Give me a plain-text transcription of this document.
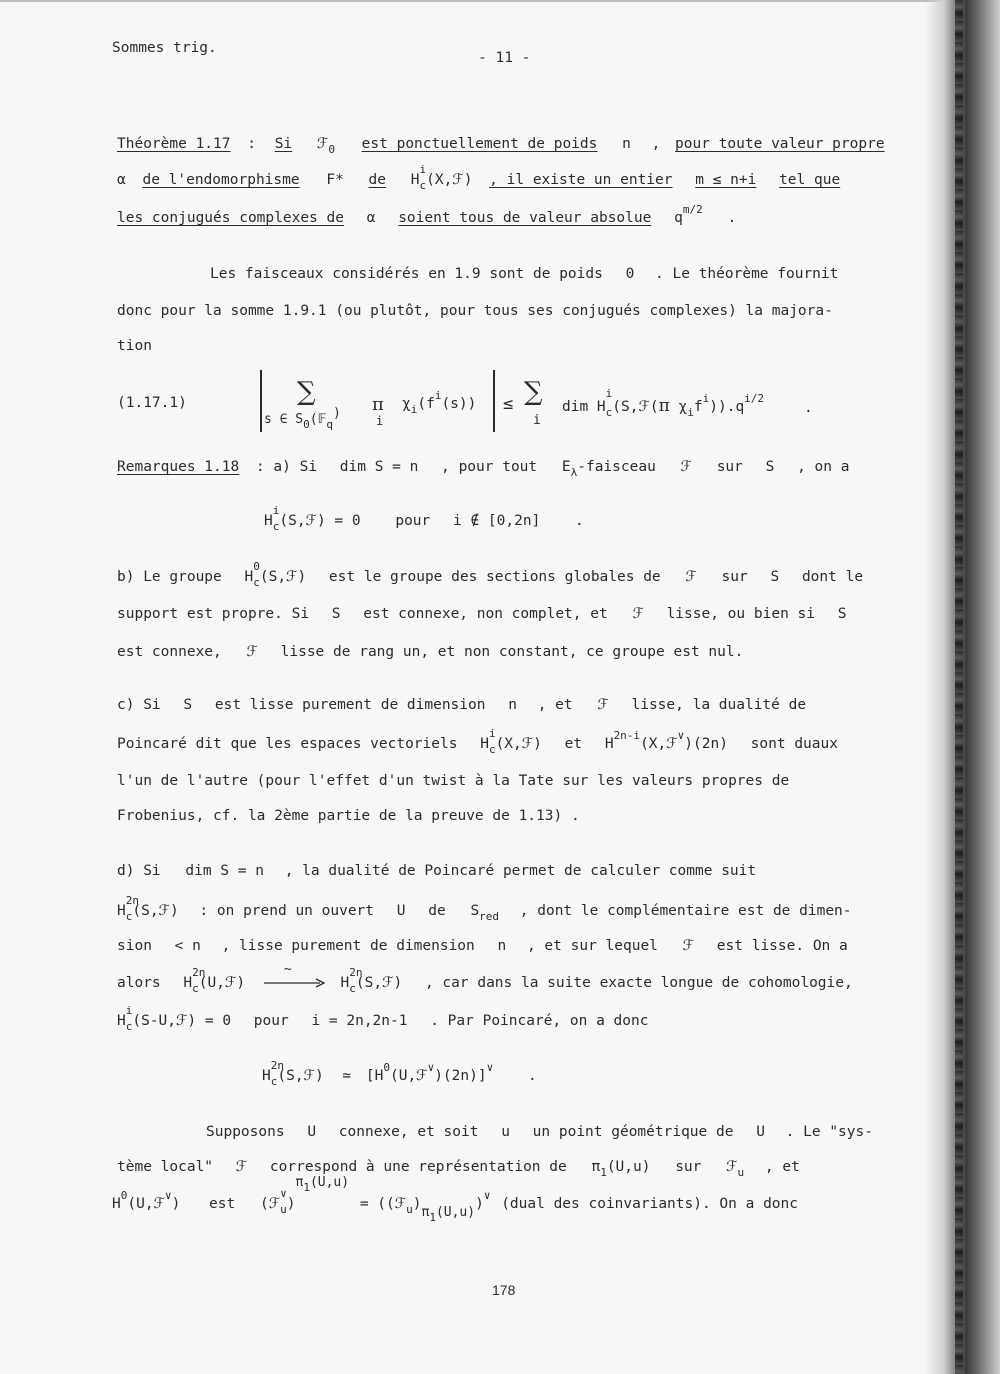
Sommes trig.
- 11 -
Théorème 1.17 : Si ℱ$_0$ est ponctuellement de poids n , pour toute valeur propre
α de l'endomorphisme F* de H
i
$_c$(X,ℱ) , il existe un entier m ≤ n+i tel que
les conjugués complexes de α soient tous de valeur absolue $q^{m/2}$ .
Les faisceaux considérés en 1.9 sont de poids 0 . Le théorème fournit
donc pour la somme 1.9.1 (ou plutôt, pour tous ses conjugués complexes) la majora-
tion
(1.17.1)	∑
s ∈ $S_0(𝔽_q)$ π
i
$\chi_i(f^i(s))$ ≤ ∑
i
dim H
i
$_c$(S,ℱ(π $\chi_if^i)).q^{i/2}$
.
Remarques 1.18 : a) Si dim S = n , pour tout $E_\lambda$-faisceau ℱ sur S , on a
H
i
$_c$(S,ℱ) = 0 pour i ∉ [0,2n] .
b) Le groupe H
0
$_c$(S,ℱ) est le groupe des sections globales de ℱ sur S dont le
support est propre. Si S est connexe, non complet, et ℱ lisse, ou bien si S
est connexe, ℱ lisse de rang un, et non constant, ce groupe est nul.
c) Si S est lisse purement de dimension n , et ℱ lisse, la dualité de
Poincaré dit que les espaces vectoriels H
i
$_c$(X,ℱ) et $H^{2n-i}(X,ℱ^\vee)(2n)$ sont duaux
l'un de l'autre (pour l'effet d'un twist à la Tate sur les valeurs propres de
Frobenius, cf. la 2ème partie de la preuve de 1.13) .
d) Si dim S = n , la dualité de Poincaré permet de calculer comme suit
H
2n
$_c$(S,ℱ) : on prend un ouvert U de $S_{red}$ , dont le complémentaire est de dimen-
sion < n , lisse purement de dimension n , et sur lequel ℱ est lisse. On a
alors H
2n
$_c$(U,ℱ)
~
H
2n
$_c$(S,ℱ) , car dans la suite exacte longue de cohomologie,
H
i
$_c$(S-U,ℱ) = 0 pour i = 2n,2n-1 . Par Poincaré, on a donc
H
2n
$_c$(S,ℱ) ≃ $[H^0(U,ℱ^\vee)(2n)]^\vee$ .
Supposons U connexe, et soit u un point géométrique de U . Le "sys-
tème local" ℱ correspond à une représentation de $\pi_1(U,u)$ sur ℱ$_u$ , et
$H^0(U,ℱ^\vee)$ est (ℱ
∨
$_u)\pi_1(U,u)$ = $((ℱ_u)\pi_1(U,u))^\vee$ (dual des coinvariants). On a donc
178
